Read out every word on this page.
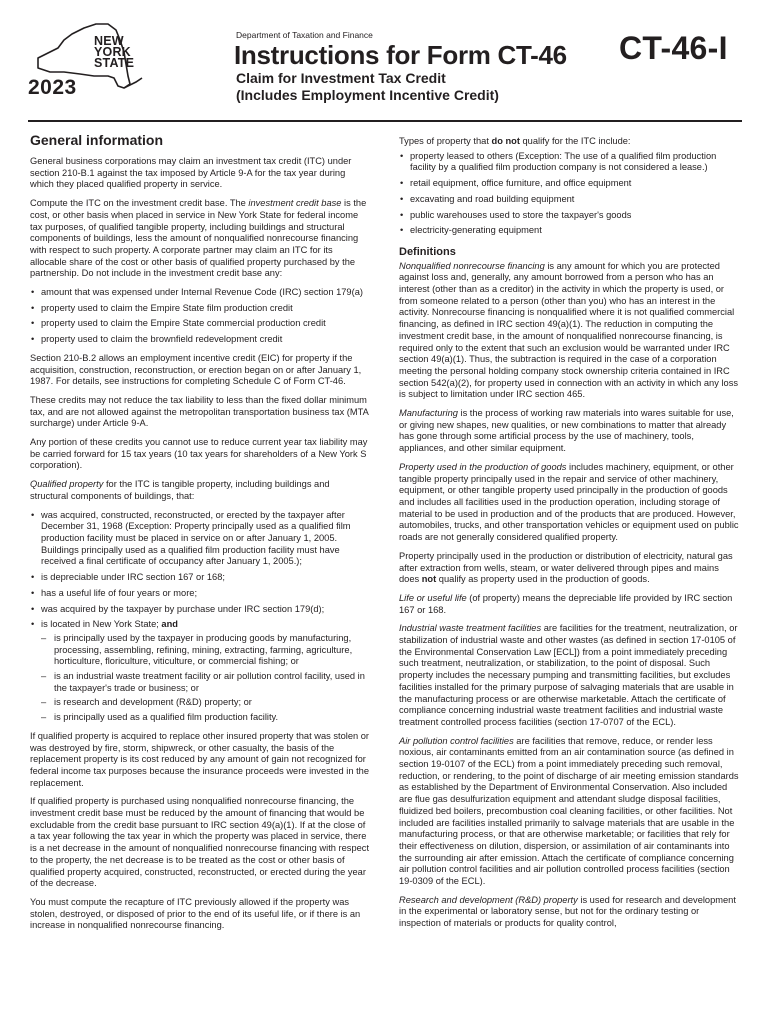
NEW
YORK
STATE
2023
Department of Taxation and Finance
Instructions for Form CT-46
Claim for Investment Tax Credit
(Includes Employment Incentive Credit)
CT-46-I
General information

General business corporations may claim an investment tax credit (ITC) under section 210-B.1 against the tax imposed by Article 9-A for the tax year during which they placed qualified property in service.

Compute the ITC on the investment credit base. The investment credit base is the cost, or other basis when placed in service in New York State for federal income tax purposes, of qualified tangible property, including buildings and structural components of buildings, less the amount of nonqualified nonrecourse financing with respect to such property. A corporate partner may claim an ITC for its allocable share of the cost or other basis of qualified property purchased by the partnership. Do not include in the investment credit base any:

• amount that was expensed under Internal Revenue Code (IRC) section 179(a)
• property used to claim the Empire State film production credit
• property used to claim the Empire State commercial production credit
• property used to claim the brownfield redevelopment credit

Section 210-B.2 allows an employment incentive credit (EIC) for property if the acquisition, construction, reconstruction, or erection began on or after January 1, 1987. For details, see instructions for completing Schedule C of Form CT-46.

These credits may not reduce the tax liability to less than the fixed dollar minimum tax, and are not allowed against the metropolitan transportation business tax (MTA surcharge) under Article 9-A.

Any portion of these credits you cannot use to reduce current year tax liability may be carried forward for 15 tax years (10 tax years for shareholders of a New York S corporation).

Qualified property for the ITC is tangible property, including buildings and structural components of buildings, that:

• was acquired, constructed, reconstructed, or erected by the taxpayer after December 31, 1968 (Exception: Property principally used as a qualified film production facility must be placed in service on or after January 1, 2005. Buildings principally used as a qualified film production facility must have received a final certificate of occupancy after January 1, 2005.);
• is depreciable under IRC section 167 or 168;
• has a useful life of four years or more;
• was acquired by the taxpayer by purchase under IRC section 179(d);
• is located in New York State; and
– is principally used by the taxpayer in producing goods by manufacturing, processing, assembling, refining, mining, extracting, farming, agriculture, horticulture, floriculture, viticulture, or commercial fishing; or
– is an industrial waste treatment facility or air pollution control facility, used in the taxpayer's trade or business; or
– is research and development (R&D) property; or
– is principally used as a qualified film production facility.

If qualified property is acquired to replace other insured property that was stolen or was destroyed by fire, storm, shipwreck, or other casualty, the basis of the replacement property is its cost reduced by any amount of gain not recognized for federal income tax purposes because the insurance proceeds were invested in the replacement.

If qualified property is purchased using nonqualified nonrecourse financing, the investment credit base must be reduced by the amount of financing that would be excludable from the credit base pursuant to IRC section 49(a)(1). If at the close of a tax year following the tax year in which the property was placed in service, there is a net decrease in the amount of nonqualified nonrecourse financing with respect to the property, the net decrease is to be treated as the cost or other basis of qualified property acquired, constructed, reconstructed, or erected during the year of the decrease.

You must compute the recapture of ITC previously allowed if the property was stolen, destroyed, or disposed of prior to the end of its useful life, or if there is an increase in nonqualified nonrecourse financing.

Types of property that do not qualify for the ITC include:

• property leased to others (Exception: The use of a qualified film production facility by a qualified film production company is not considered a lease.)
• retail equipment, office furniture, and office equipment
• excavating and road building equipment
• public warehouses used to store the taxpayer's goods
• electricity-generating equipment
Definitions

Nonqualified nonrecourse financing is any amount for which you are protected against loss and, generally, any amount borrowed from a person who has an interest (other than as a creditor) in the activity in which the property is used, or from someone related to a person (other than you) who has an interest in the activity. Nonrecourse financing is nonqualified where it is not qualified commercial financing, as defined in IRC section 49(a)(1). The reduction in computing the investment credit base, in the amount of nonqualified nonrecourse financing, is required only to the extent that such an exclusion would be warranted under IRC section 49(a)(1). Thus, the subtraction is required in the case of a corporation meeting the personal holding company stock ownership criteria contained in IRC section 542(a)(2), for property used in connection with an activity in which any loss is subject to limitation under IRC section 465.

Manufacturing is the process of working raw materials into wares suitable for use, or giving new shapes, new qualities, or new combinations to matter that already has gone through some artificial process by the use of machinery, tools, appliances, and other similar equipment.

Property used in the production of goods includes machinery, equipment, or other tangible property principally used in the repair and service of other machinery, equipment, or other tangible property used principally in the production of goods and includes all facilities used in the production operation, including storage of material to be used in production and of the products that are produced. However, automobiles, trucks, and other transportation vehicles or equipment used on public roads are not generally considered qualified property.

Property principally used in the production or distribution of electricity, natural gas after extraction from wells, steam, or water delivered through pipes and mains does not qualify as property used in the production of goods.

Life or useful life (of property) means the depreciable life provided by IRC section 167 or 168.

Industrial waste treatment facilities are facilities for the treatment, neutralization, or stabilization of industrial waste and other wastes (as defined in section 17-0105 of the Environmental Conservation Law [ECL]) from a point immediately preceding such treatment, neutralization, or stabilization, to the point of disposal. Such property includes the necessary pumping and transmitting facilities, but excludes facilities installed for the primary purpose of salvaging materials that are usable in the manufacturing process or are otherwise marketable. Attach the certificate of compliance concerning industrial waste treatment facilities and industrial waste treatment controlled process facilities (section 17-0707 of the ECL).

Air pollution control facilities are facilities that remove, reduce, or render less noxious, air contaminants emitted from an air contamination source (as defined in section 19-0107 of the ECL) from a point immediately preceding such removal, reduction, or rendering, to the point of discharge of air meeting emission standards as established by the Department of Environmental Conservation. Also included are flue gas desulfurization equipment and attendant sludge disposal facilities, fluidized bed boilers, precombustion coal cleaning facilities, or other facilities. Not included are facilities installed primarily to salvage materials that are usable in the manufacturing process, or that are otherwise marketable; or facilities that rely for their effectiveness on dilution, dispersion, or assimilation of air contaminants into the surrounding air after emission. Attach the certificate of compliance concerning air pollution control facilities and air pollution controlled process facilities (section 19-0309 of the ECL).

Research and development (R&D) property is used for research and development in the experimental or laboratory sense, but not for the ordinary testing or inspection of materials or products for quality control,
